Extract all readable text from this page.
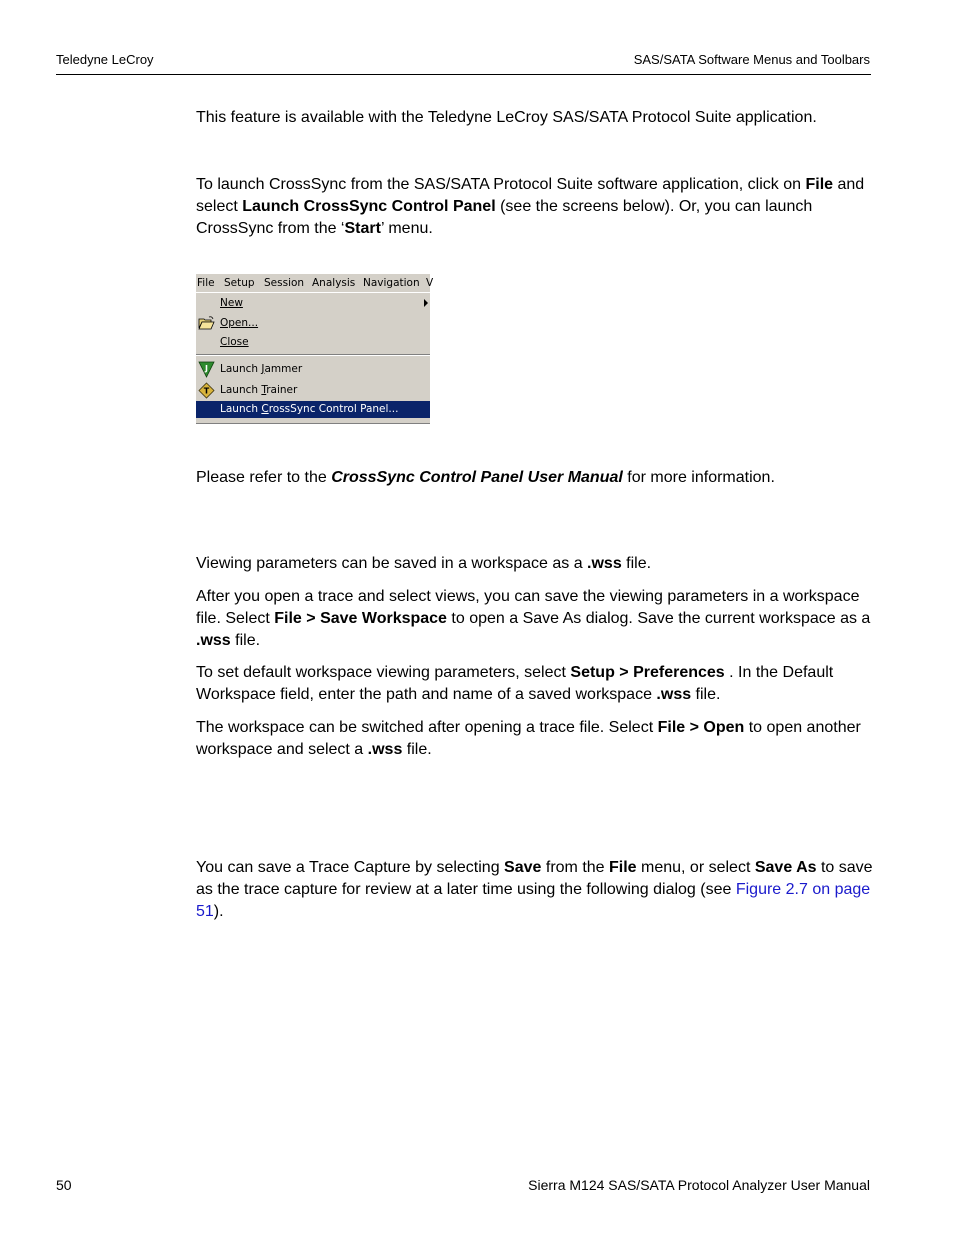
Teledyne LeCroy	SAS/SATA Software Menus and Toolbars

This feature is available with the Teledyne LeCroy SAS/SATA Protocol Suite application.

To launch CrossSync from the SAS/SATA Protocol Suite software application, click on File and select Launch CrossSync Control Panel (see the screens below). Or, you can launch CrossSync from the ‘Start’ menu.

File Setup Session Analysis Navigation V
New
Open...
Close
J Launch Jammer
T Launch Trainer
Launch CrossSync Control Panel...

Please refer to the CrossSync Control Panel User Manual for more information.

Viewing parameters can be saved in a workspace as a .wss file.

After you open a trace and select views, you can save the viewing parameters in a workspace file. Select File > Save Workspace to open a Save As dialog. Save the current workspace as a .wss file.

To set default workspace viewing parameters, select Setup > Preferences . In the Default Workspace field, enter the path and name of a saved workspace .wss file.

The workspace can be switched after opening a trace file. Select File > Open to open another workspace and select a .wss file.

You can save a Trace Capture by selecting Save from the File menu, or select Save As to save as the trace capture for review at a later time using the following dialog (see Figure 2.7 on page 51).

50	Sierra M124 SAS/SATA Protocol Analyzer User Manual
